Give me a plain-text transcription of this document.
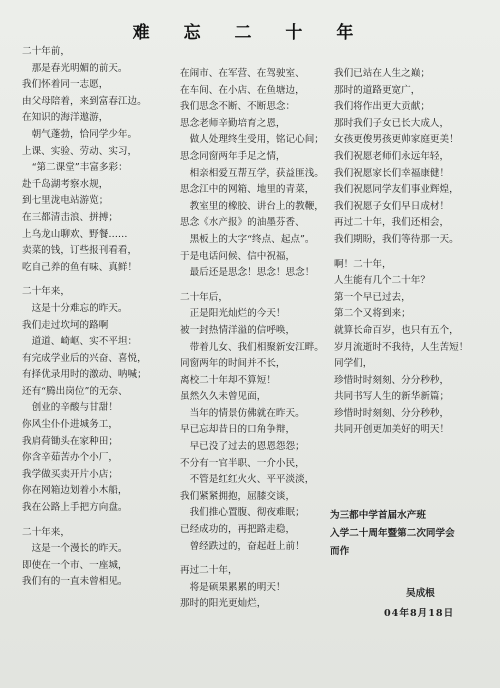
难 忘 二 十 年
二十年前，
　那是春光明媚的前天。
我们怀着同一志愿，
由父母陪着，来到富春江边。
在知识的海洋遨游，
　朝气蓬勃，恰同学少年。
上课、实验、劳动、实习，
　“第二课堂”丰富多彩：
赴千岛湖考察水规，
到七里泷电站游览；
在三都清击浪、拼搏；
上乌龙山聊欢、野餐……
卖菜的钱，订些报刊看看，
吃自己养的鱼有味、真鲜！
二十年来，
　这是十分难忘的昨天。
我们走过坎坷的路啊
　道道、崎岖、实不平坦：
有完成学业后的兴奋、喜悦，
有择优录用时的激动、呐喊；
还有“腾出岗位”的无奈、
　创业的辛酸与甘甜！
你风尘仆仆进城务工，
我肩荷锄头在家种田；
你含辛茹苦办个小厂，
我学做买卖开片小店；
你在网箱边划着小木船，
我在公路上手把方向盘。
二十年来，
　这是一个漫长的昨天。
即使在一个市、一座城，
我们有的一直未曾相见。
在闹市、在军营、在驾驶室、
在车间、在小店、在鱼塘边，
我们思念不断、不断思念：
思念老师辛勤培育之恩，
　做人处理终生受用，铭记心间；
思念同窗两年手足之情，
　相亲相爱互帮互学，获益匪浅。
思念江中的网箱、地里的青菜，
　教室里的橡胶、讲台上的教鞭，
思念《水产报》的油墨芬香、
　黑板上的大字“终点、起点”。
于是电话问候、信中祝福，
　最后还是思念！思念！思念！
二十年后，
　正是阳光灿烂的今天！
被一封热情洋溢的信呼唤，
　带着儿女、我们相聚新安江畔。
同窗两年的时间并不长，
离校二十年却不算短！
虽然久久未曾见面，
　当年的情景仿佛就在昨天。
早已忘却昔日的口角争辩，
　早已没了过去的恩恩怨怨；
不分有一官半职、一介小民，
　不管是红红火火、平平淡淡，
我们紧紧拥抱，屈膝交谈，
　我们推心置腹、彻夜难眠；
已经成功的，再把路走稳，
　曾经跌过的，奋起赶上前！
再过二十年，
　将是硕果累累的明天！
那时的阳光更灿烂，
我们已站在人生之巅；
那时的道路更宽广，
我们将作出更大贡献；
那时我们子女已长大成人，
女孩更俊男孩更帅家庭更美！
我们祝愿老师们永远年轻，
我们祝愿家长们幸福康健！
我们祝愿同学友们事业辉煌，
我们祝愿子女们早日成材！
再过二十年，我们还相会，
我们期盼，我们等待那一天。
啊！二十年，
人生能有几个二十年？
第一个早已过去，
第二个又将到来；
就算长命百岁，也只有五个，
岁月流逝时不我待，人生苦短！
同学们，
珍惜时时刻刻、分分秒秒，
共同书写人生的新华新篇；
珍惜时时刻刻、分分秒秒，
共同开创更加美好的明天！
为三都中学首届水产班
入学二十周年暨第二次同学会
而作
吴成根
04年8月18日
